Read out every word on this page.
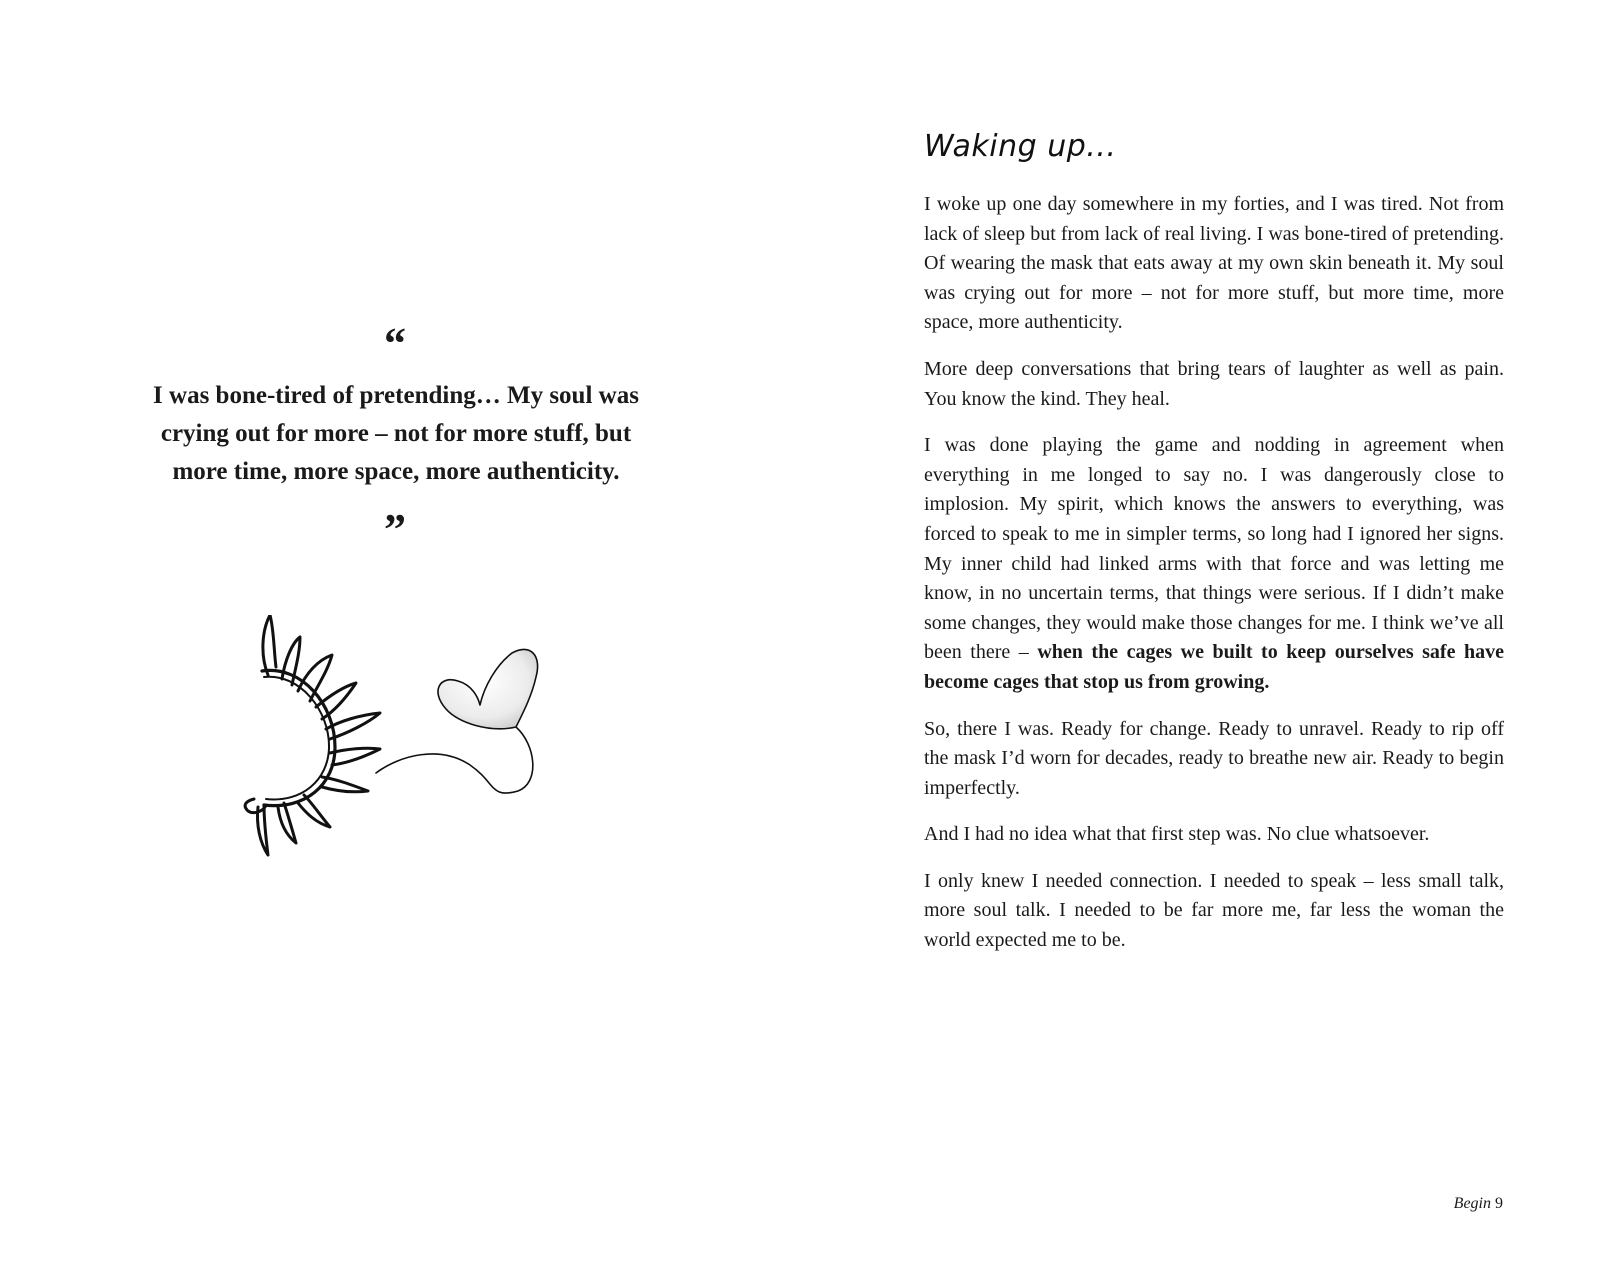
“

I was bone-tired of pretending… My soul was
crying out for more – not for more stuff, but
more time, more space, more authenticity.

”
Waking up...

I woke up one day somewhere in my forties, and I was tired. Not from lack of sleep but from lack of real living. I was bone-tired of pretending. Of wearing the mask that eats away at my own skin beneath it. My soul was crying out for more – not for more stuff, but more time, more space, more authenticity.

More deep conversations that bring tears of laughter as well as pain. You know the kind. They heal.

I was done playing the game and nodding in agreement when everything in me longed to say no. I was dangerously close to implosion. My spirit, which knows the answers to everything, was forced to speak to me in simpler terms, so long had I ignored her signs. My inner child had linked arms with that force and was letting me know, in no uncertain terms, that things were serious. If I didn’t make some changes, they would make those changes for me. I think we’ve all been there – when the cages we built to keep ourselves safe have become cages that stop us from growing.

So, there I was. Ready for change. Ready to unravel. Ready to rip off the mask I’d worn for decades, ready to breathe new air. Ready to begin imperfectly.

And I had no idea what that first step was. No clue whatsoever.

I only knew I needed connection. I needed to speak – less small talk, more soul talk. I needed to be far more me, far less the woman the world expected me to be.

Begin 9
